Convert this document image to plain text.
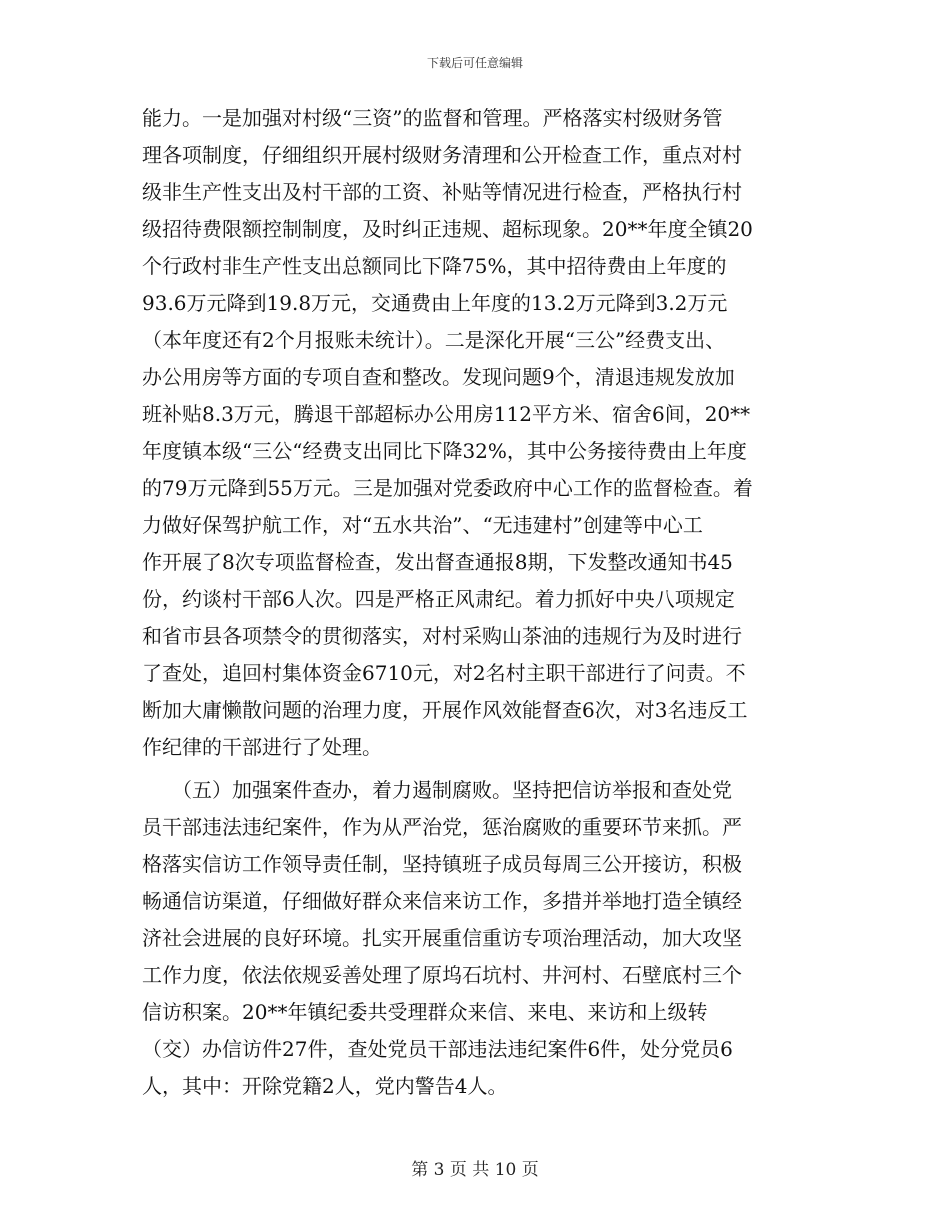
下载后可任意编辑
能力。一是加强对村级“三资”的监督和管理。严格落实村级财务管
理各项制度，仔细组织开展村级财务清理和公开检查工作，重点对村
级非生产性支出及村干部的工资、补贴等情况进行检查，严格执行村
级招待费限额控制制度，及时纠正违规、超标现象。20**年度全镇20
个行政村非生产性支出总额同比下降75%，其中招待费由上年度的
93.6万元降到19.8万元，交通费由上年度的13.2万元降到3.2万元
（本年度还有2个月报账未统计）。二是深化开展“三公”经费支出、
办公用房等方面的专项自查和整改。发现问题9个，清退违规发放加
班补贴8.3万元，腾退干部超标办公用房112平方米、宿舍6间，20**
年度镇本级“三公“经费支出同比下降32%，其中公务接待费由上年度
的79万元降到55万元。三是加强对党委政府中心工作的监督检查。着
力做好保驾护航工作，对“五水共治”、“无违建村”创建等中心工
作开展了8次专项监督检查，发出督查通报8期，下发整改通知书45
份，约谈村干部6人次。四是严格正风肃纪。着力抓好中央八项规定
和省市县各项禁令的贯彻落实，对村采购山茶油的违规行为及时进行
了查处，追回村集体资金6710元，对2名村主职干部进行了问责。不
断加大庸懒散问题的治理力度，开展作风效能督查6次，对3名违反工
作纪律的干部进行了处理。
　　（五）加强案件查办，着力遏制腐败。坚持把信访举报和查处党
员干部违法违纪案件，作为从严治党，惩治腐败的重要环节来抓。严
格落实信访工作领导责任制，坚持镇班子成员每周三公开接访，积极
畅通信访渠道，仔细做好群众来信来访工作，多措并举地打造全镇经
济社会进展的良好环境。扎实开展重信重访专项治理活动，加大攻坚
工作力度，依法依规妥善处理了原坞石坑村、井河村、石壁底村三个
信访积案。20**年镇纪委共受理群众来信、来电、来访和上级转
（交）办信访件27件，查处党员干部违法违纪案件6件，处分党员6
人，其中：开除党籍2人，党内警告4人。
第 3 页 共 10 页
